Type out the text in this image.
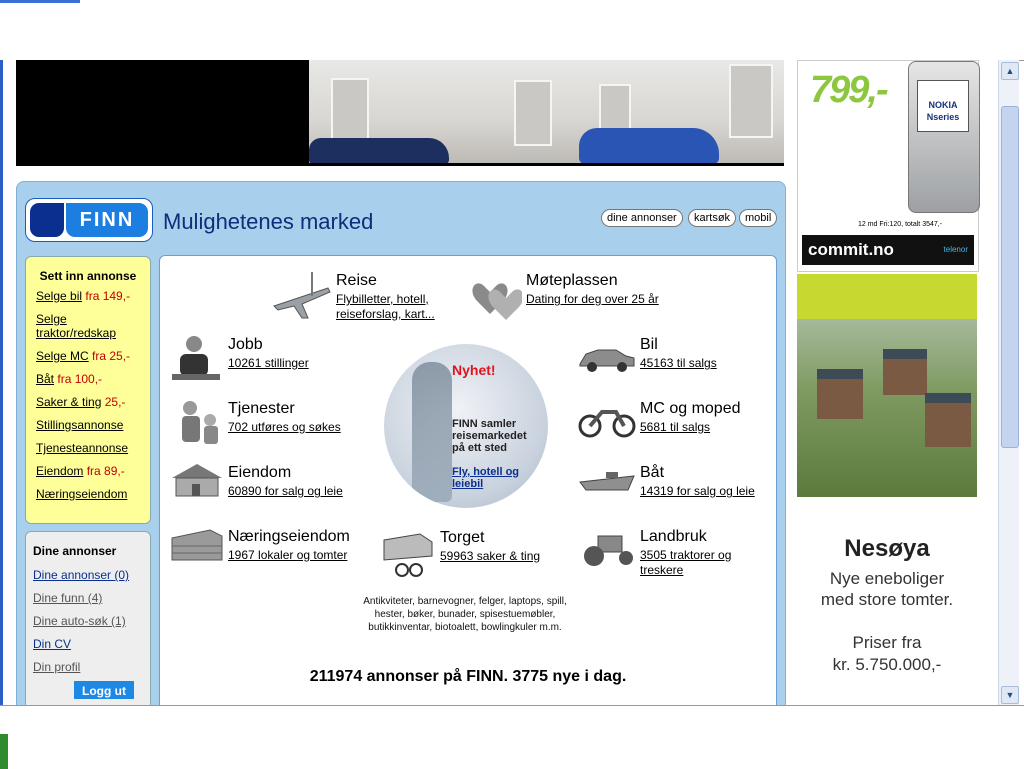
FINN	Mulighetenes marked	dine annonser	kartsøk	mobil
Sett inn annonse
Selge bil fra 149,-
Selge traktor/redskap
Selge MC fra 25,-
Båt fra 100,-
Saker & ting 25,-
Stillingsannonse
Tjenesteannonse
Eiendom fra 89,-
Næringseiendom
Dine annonser
Dine annonser (0)
Dine funn (4)
Dine auto-søk (1)
Din CV
Din profil
Logg ut
Reise
Flybilletter, hotell, reiseforslag, kart...
Møteplassen
Dating for deg over 25 år
Jobb
10261 stillinger
Bil
45163 til salgs
Tjenester
702 utføres og søkes
MC og moped
5681 til salgs
Eiendom
60890 for salg og leie
Båt
14319 for salg og leie
Næringseiendom
1967 lokaler og tomter
Torget
59963 saker & ting
Landbruk
3505 traktorer og treskere
Nyhet!
FINN samler reisemarkedet på ett sted
Fly, hotell og leiebil
Antikviteter, barnevogner, felger, laptops, spill, hester, bøker, bunader, spisestuemøbler, butikkinventar, biotoalett, bowlingkuler m.m.
211974 annonser på FINN. 3775 nye i dag.
799,-	NOKIA
Nseries
12 md Fri:120, totalt 3547,-
commit.no	telenor
Nesøya
Nye eneboliger
med store tomter.
Priser fra
kr. 5.750.000,-
▲
▼
